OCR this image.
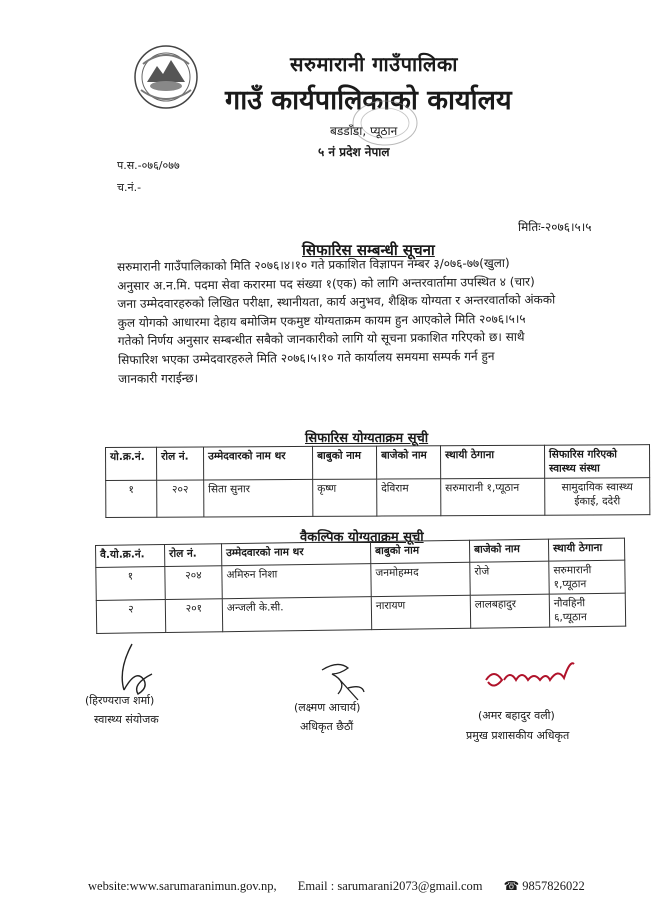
सरुमारानी गाउँपालिका
गाउँ कार्यपालिकाको कार्यालय
बडडाँडा, प्यूठान
५ नं प्रदेश नेपाल
प.स.-०७६/०७७
च.नं.-
मितिः-२०७६।५।५
सिफारिस सम्बन्धी सूचना
सरुमारानी गाउँपालिकाको मिति २०७६।४।१० गते प्रकाशित विज्ञापन नम्बर ३/०७६-७७(खुला)
अनुसार अ.न.मि. पदमा सेवा करारमा पद संख्या १(एक) को लागि अन्तरवार्तामा उपस्थित ४ (चार)
जना उम्मेदवारहरुको लिखित परीक्षा, स्थानीयता, कार्य अनुभव, शैक्षिक योग्यता र अन्तरवार्ताको अंकको
कुल योगको आधारमा देहाय बमोजिम एकमुष्ट योग्यताक्रम कायम हुन आएकोले मिति २०७६।५।५
गतेको निर्णय अनुसार सम्बन्धीत सबैको जानकारीको लागि यो सूचना प्रकाशित गरिएको छ। साथै
सिफारिश भएका उम्मेदवारहरुले मिति २०७६।५।१० गते कार्यालय समयमा सम्पर्क गर्न हुन
जानकारी गराईन्छ।
सिफारिस योग्यताक्रम सूची
यो.क्र.नं.	रोल नं.	उम्मेदवारको नाम थर	बाबुको नाम	बाजेको नाम	स्थायी ठेगाना	सिफारिस गरिएको स्वास्थ्य संस्था
१	२०२	सिता सुनार	कृष्ण	देविराम	सरुमारानी १,प्यूठान	सामुदायिक स्वास्थ्य ईकाई, ददेरी
वैकल्पिक योग्यताक्रम सूची
वै.यो.क्र.नं.	रोल नं.	उम्मेदवारको नाम थर	बाबुको नाम	बाजेको नाम	स्थायी ठेगाना
१	२०४	अमिरुन निशा	जनमोहम्मद	रोजे	सरुमारानी १,प्यूठान
२	२०१	अन्जली के.सी.	नारायण	लालबहादुर	नौवहिनी ६,प्यूठान
(हिरण्यराज शर्मा)
स्वास्थ्य संयोजक
(लक्ष्मण आचार्य)
अधिकृत छैठौं
(अमर बहादुर वली)
प्रमुख प्रशासकीय अधिकृत
website:www.sarumaranimun.gov.np, Email : sarumarani2073@gmail.com ☎ 9857826022
